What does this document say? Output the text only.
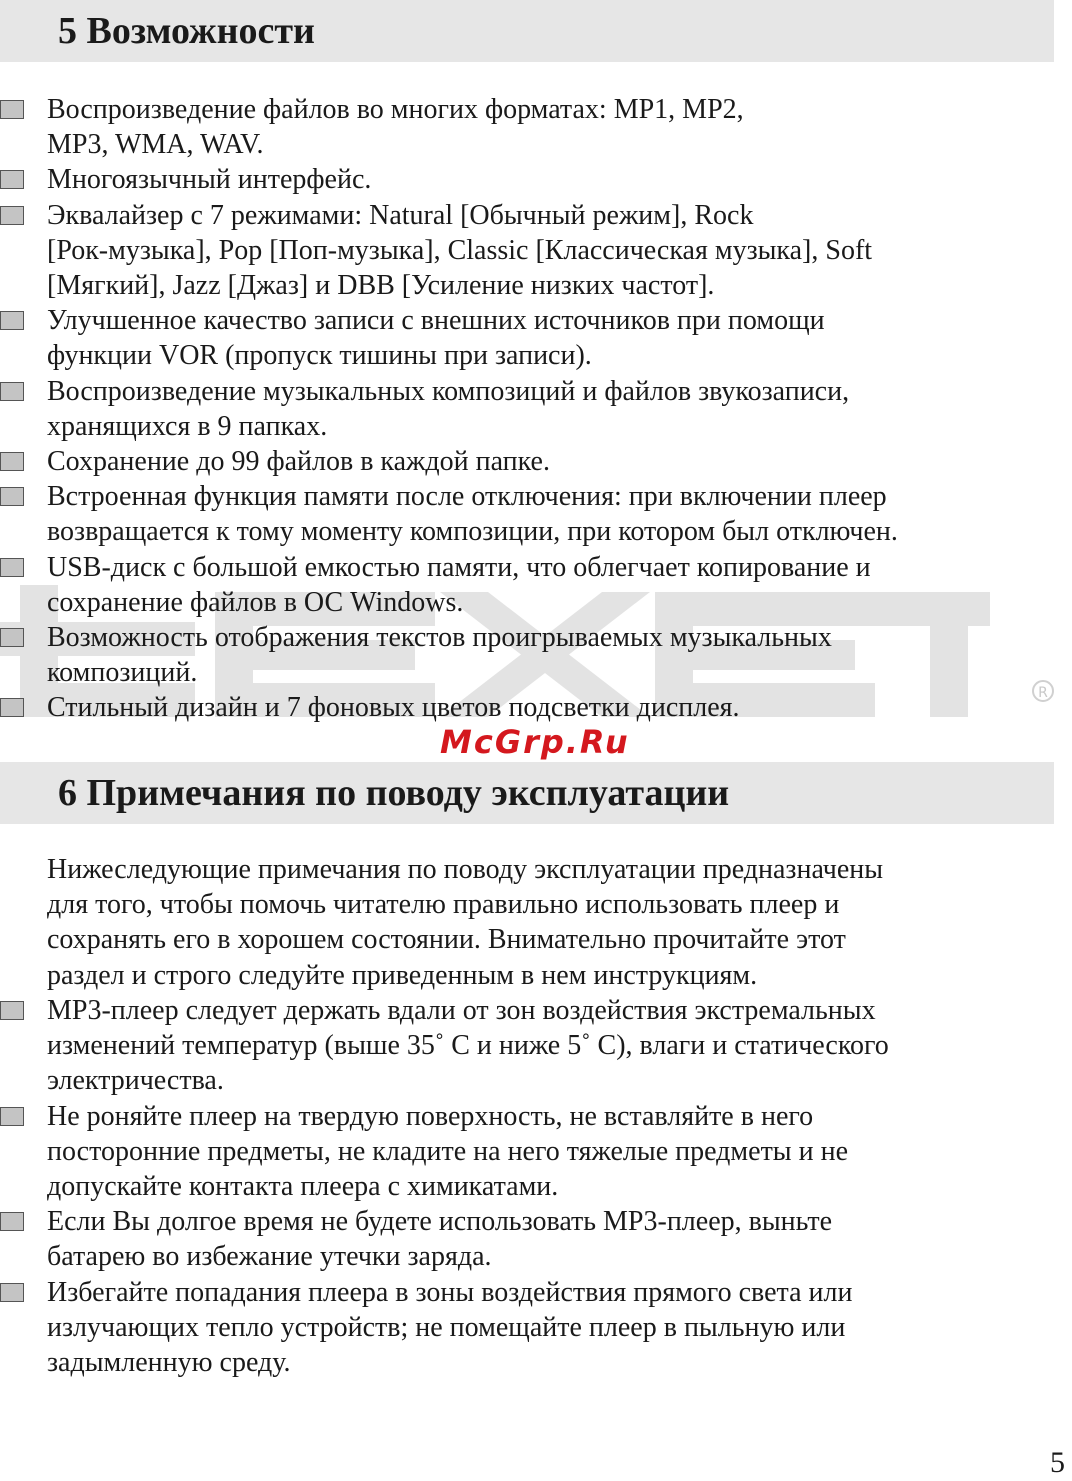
R
5 Возможности
Воспроизведение файлов во многих форматах: MP1, MP2,
MP3, WMA, WAV.
Многоязычный интерфейс.
Эквалайзер с 7 режимами: Natural [Обычный режим], Rock
[Рок-музыка], Pop [Поп-музыка], Classic [Классическая музыка], Soft
[Мягкий], Jazz [Джаз] и DBB [Усиление низких частот].
Улучшенное качество записи с внешних источников при помощи
функции VOR (пропуск тишины при записи).
Воспроизведение музыкальных композиций и файлов звукозаписи,
хранящихся в 9 папках.
Сохранение до 99 файлов в каждой папке.
Встроенная функция памяти после отключения: при включении плеер
возвращается к тому моменту композиции, при котором был отключен.
USB-диск с большой емкостью памяти, что облегчает копирование и
сохранение файлов в ОС Windows.
Возможность отображения текстов проигрываемых музыкальных
композиций.
Стильный дизайн и 7 фоновых цветов подсветки дисплея.
McGrp.Ru
6 Примечания по поводу эксплуатации

Нижеследующие примечания по поводу эксплуатации предназначены
для того, чтобы помочь читателю правильно использовать плеер и
сохранять его в хорошем состоянии. Внимательно прочитайте этот
раздел и строго следуйте приведенным в нем инструкциям.

MP3-плеер следует держать вдали от зон воздействия экстремальных
изменений температур (выше 35˚ С и ниже 5˚ С), влаги и статического
электричества.
Не роняйте плеер на твердую поверхность, не вставляйте в него
посторонние предметы, не кладите на него тяжелые предметы и не
допускайте контакта плеера с химикатами.
Если Вы долгое время не будете использовать MP3-плеер, выньте
батарею во избежание утечки заряда.
Избегайте попадания плеера в зоны воздействия прямого света или
излучающих тепло устройств; не помещайте плеер в пыльную или
задымленную среду.
5
